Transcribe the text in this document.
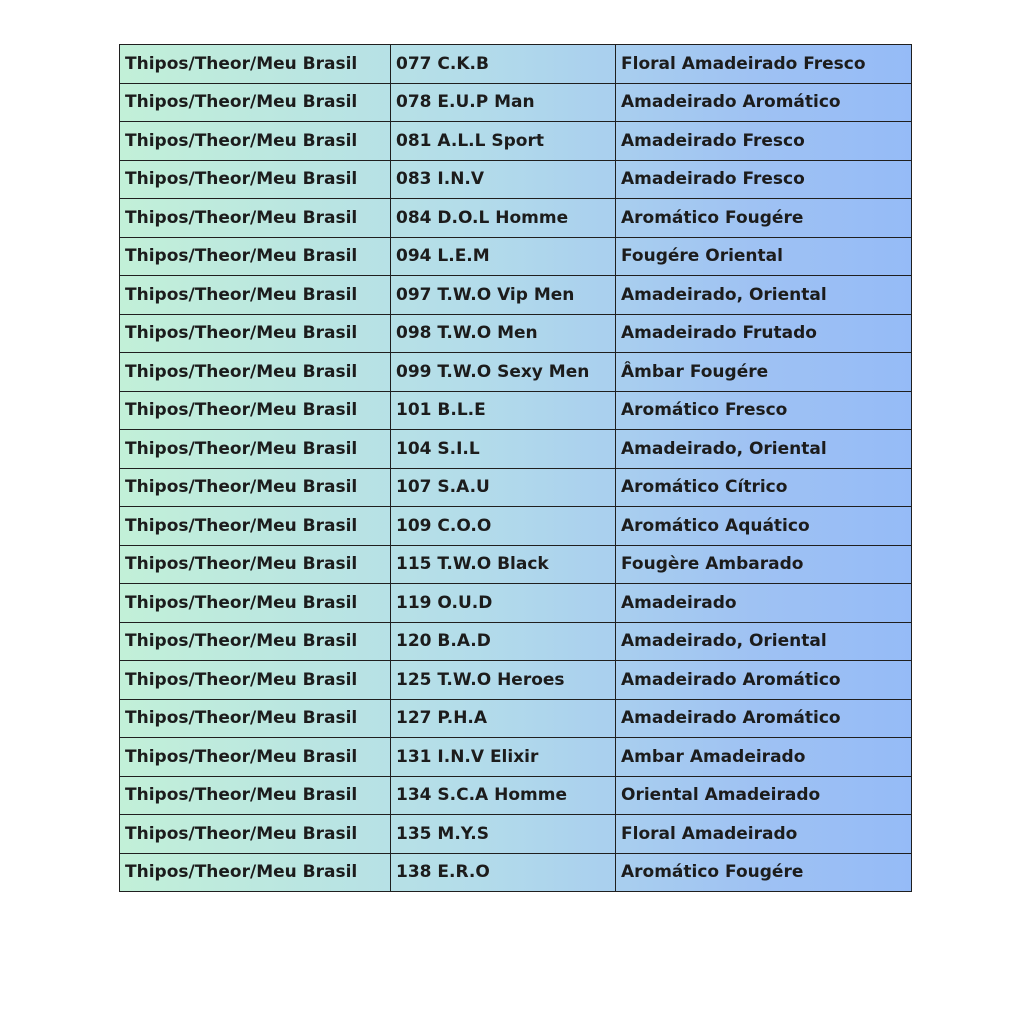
Thipos/Theor/Meu Brasil	077 C.K.B	Floral Amadeirado Fresco
Thipos/Theor/Meu Brasil	078 E.U.P Man	Amadeirado Aromático
Thipos/Theor/Meu Brasil	081 A.L.L Sport	Amadeirado Fresco
Thipos/Theor/Meu Brasil	083 I.N.V	Amadeirado Fresco
Thipos/Theor/Meu Brasil	084 D.O.L Homme	Aromático Fougére
Thipos/Theor/Meu Brasil	094 L.E.M	Fougére Oriental
Thipos/Theor/Meu Brasil	097 T.W.O Vip Men	Amadeirado, Oriental
Thipos/Theor/Meu Brasil	098 T.W.O Men	Amadeirado Frutado
Thipos/Theor/Meu Brasil	099 T.W.O Sexy Men	Âmbar Fougére
Thipos/Theor/Meu Brasil	101 B.L.E	Aromático Fresco
Thipos/Theor/Meu Brasil	104 S.I.L	Amadeirado, Oriental
Thipos/Theor/Meu Brasil	107 S.A.U	Aromático Cítrico
Thipos/Theor/Meu Brasil	109 C.O.O	Aromático Aquático
Thipos/Theor/Meu Brasil	115 T.W.O Black	Fougère Ambarado
Thipos/Theor/Meu Brasil	119 O.U.D	Amadeirado
Thipos/Theor/Meu Brasil	120 B.A.D	Amadeirado, Oriental
Thipos/Theor/Meu Brasil	125 T.W.O Heroes	Amadeirado Aromático
Thipos/Theor/Meu Brasil	127 P.H.A	Amadeirado Aromático
Thipos/Theor/Meu Brasil	131 I.N.V Elixir	Ambar Amadeirado
Thipos/Theor/Meu Brasil	134 S.C.A Homme	Oriental Amadeirado
Thipos/Theor/Meu Brasil	135 M.Y.S	Floral Amadeirado
Thipos/Theor/Meu Brasil	138 E.R.O	Aromático Fougére
